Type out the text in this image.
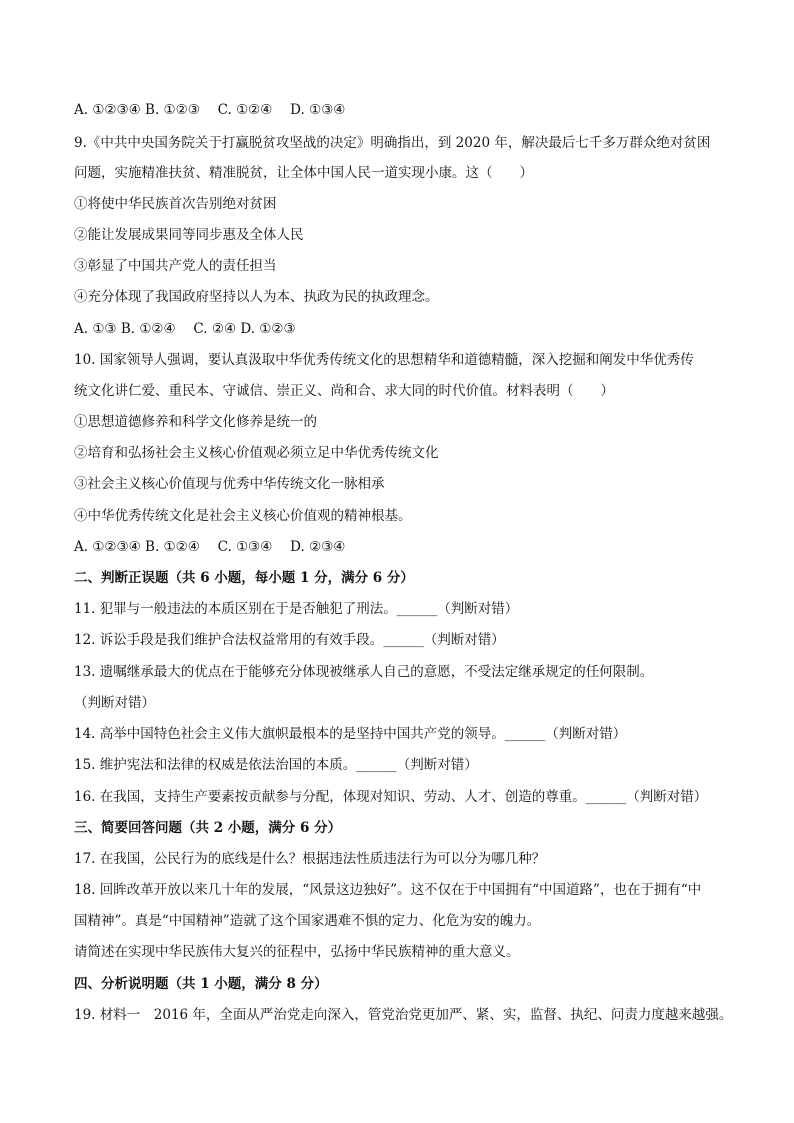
A. ①②③④ B. ①②③　 C. ①②④　 D. ①③④
9.《中共中央国务院关于打赢脱贫攻坚战的决定》明确指出，到 2020 年，解决最后七千多万群众绝对贫困
问题，实施精准扶贫、精准脱贫，让全体中国人民一道实现小康。这（　　）
①将使中华民族首次告别绝对贫困
②能让发展成果同等同步惠及全体人民
③彰显了中国共产党人的责任担当
④充分体现了我国政府坚持以人为本、执政为民的执政理念。
A. ①③ B. ①②④　 C. ②④ D. ①②③
10. 国家领导人强调，要认真汲取中华优秀传统文化的思想精华和道德精髓，深入挖掘和阐发中华优秀传
统文化讲仁爱、重民本、守诚信、崇正义、尚和合、求大同的时代价值。材料表明（　　）
①思想道德修养和科学文化修养是统一的
②培育和弘扬社会主义核心价值观必须立足中华优秀传统文化
③社会主义核心价值现与优秀中华传统文化一脉相承
④中华优秀传统文化是社会主义核心价值观的精神根基。
A. ①②③④ B. ①②④　 C. ①③④　 D. ②③④
二、判断正误题（共 6 小题，每小题 1 分，满分 6 分）
11. 犯罪与一般违法的本质区别在于是否触犯了刑法。______（判断对错）
12. 诉讼手段是我们维护合法权益常用的有效手段。______（判断对错）
13. 遗嘱继承最大的优点在于能够充分体现被继承人自己的意愿，不受法定继承规定的任何限制。
（判断对错）
14. 高举中国特色社会主义伟大旗帜最根本的是坚持中国共产党的领导。______（判断对错）
15. 维护宪法和法律的权威是依法治国的本质。______（判断对错）
16. 在我国，支持生产要素按贡献参与分配，体现对知识、劳动、人才、创造的尊重。______（判断对错）
三、简要回答问题（共 2 小题，满分 6 分）
17. 在我国，公民行为的底线是什么？根据违法性质违法行为可以分为哪几种？
18. 回眸改革开放以来几十年的发展，“风景这边独好”。这不仅在于中国拥有“中国道路”，也在于拥有“中
国精神”。真是“中国精神”造就了这个国家遇难不惧的定力、化危为安的魄力。
请简述在实现中华民族伟大复兴的征程中，弘扬中华民族精神的重大意义。
四、分析说明题（共 1 小题，满分 8 分）
19. 材料一　2016 年，全面从严治党走向深入，管党治党更加严、紧、实，监督、执纪、问责力度越来越强。
